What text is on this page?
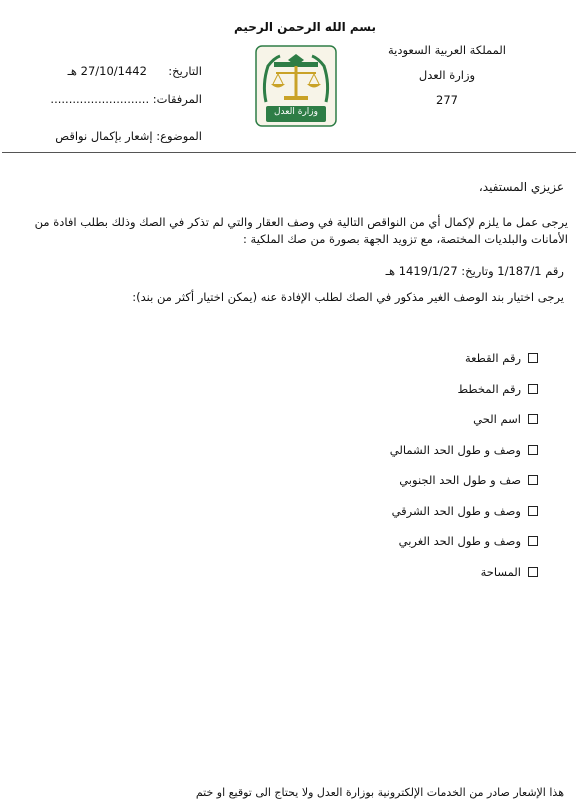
بسم الله الرحمن الرحيم
المملكة العربية السعودية
وزارة العدل
277
وزارة العدل
التاريخ:  27/10/1442 هـ
المرفقات: ...........................
الموضوع: إشعار بإكمال نواقص
عزيزي المستفيد،
يرجى عمل ما يلزم لإكمال أي من النواقص التالية في وصف العقار والتي لم تذكر في الصك وذلك بطلب افادة من الأمانات والبلديات المختصة، مع تزويد الجهة بصورة من صك الملكية :
رقم 1/187/1 وتاريخ: 1419/1/27 هـ
يرجى اختيار بند الوصف الغير مذكور في الصك لطلب الإفادة عنه (يمكن اختيار أكثر من بند):
رقم القطعة
رقم المخطط
اسم الحي
وصف و طول الحد الشمالي
صف و طول الحد الجنوبي
وصف و طول الحد الشرقي
وصف و طول الحد الغربي
المساحة
هذا الإشعار صادر من الخدمات الإلكترونية بوزارة العدل ولا يحتاج الى توقيع او ختم
